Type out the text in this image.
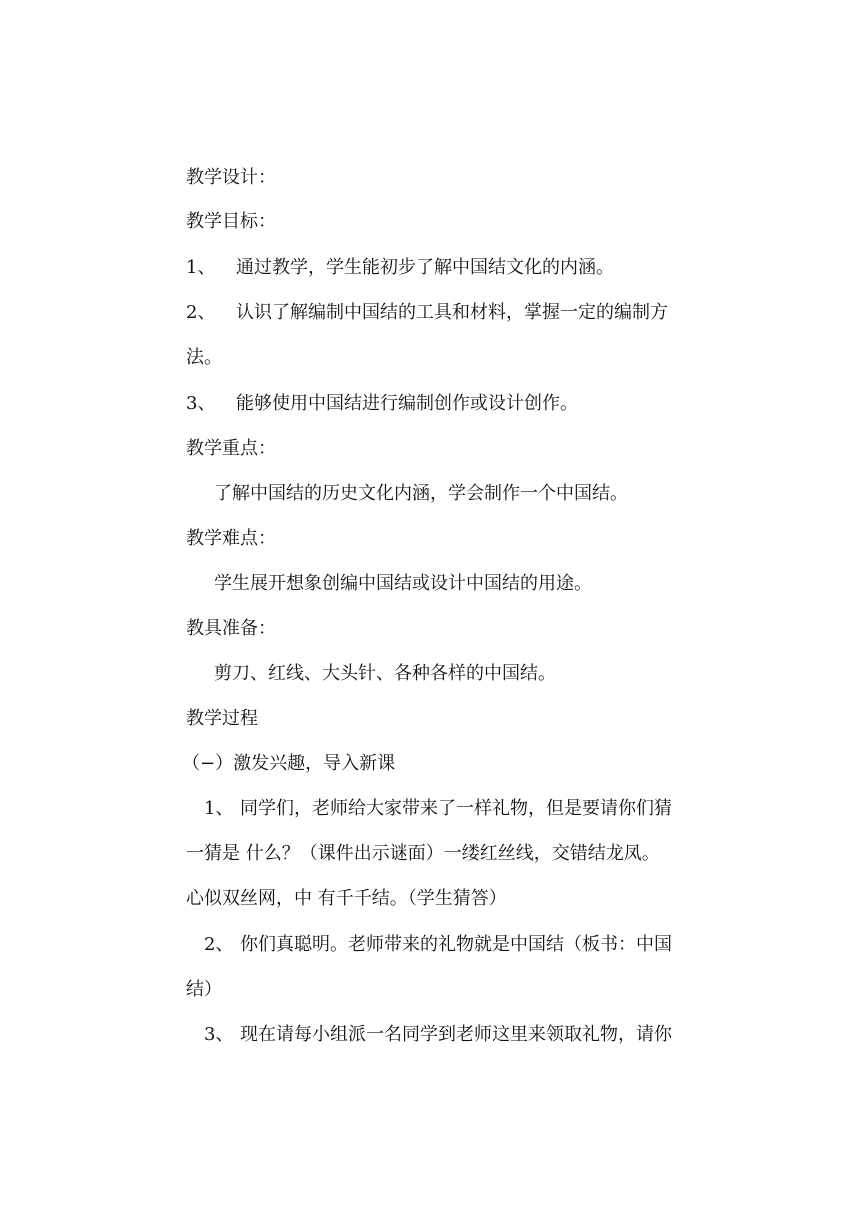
教学设计：
教学目标：
1、 通过教学，学生能初步了解中国结文化的内涵。
2、 认识了解编制中国结的工具和材料，掌握一定的编制方
法。
3、 能够使用中国结进行编制创作或设计创作。
教学重点：
了解中国结的历史文化内涵，学会制作一个中国结。
教学难点：
学生展开想象创编中国结或设计中国结的用途。
教具准备：
剪刀、红线、大头针、各种各样的中国结。
教学过程
（−）激发兴趣，导入新课
1、 同学们，老师给大家带来了一样礼物，但是要请你们猜
一猜是 什么？（课件出示谜面）一缕红丝线，交错结龙凤。
心似双丝网，中 有千千结。（学生猜答）
2、 你们真聪明。老师带来的礼物就是中国结（板书：中国
结）
3、 现在请每小组派一名同学到老师这里来领取礼物，请你
